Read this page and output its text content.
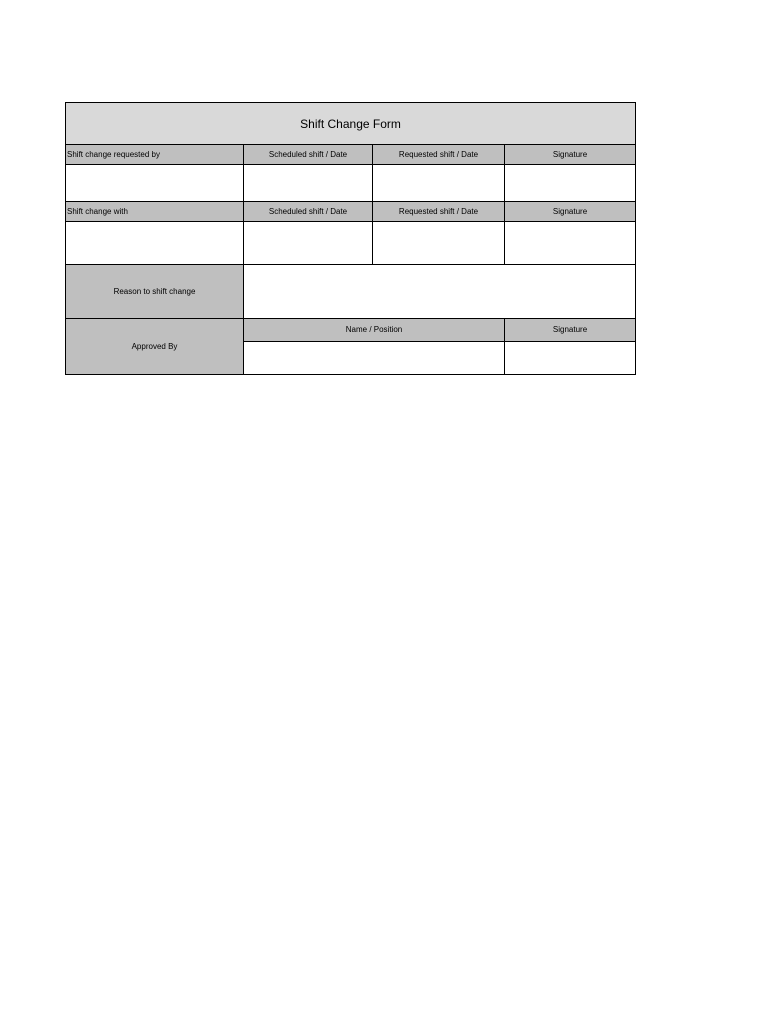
Shift Change Form			
Shift change requested by	Scheduled shift / Date	Requested shift / Date	Signature

Shift change with	Scheduled shift / Date	Requested shift / Date	Signature

Reason to shift change			
Approved By	Name / Position		Signature
